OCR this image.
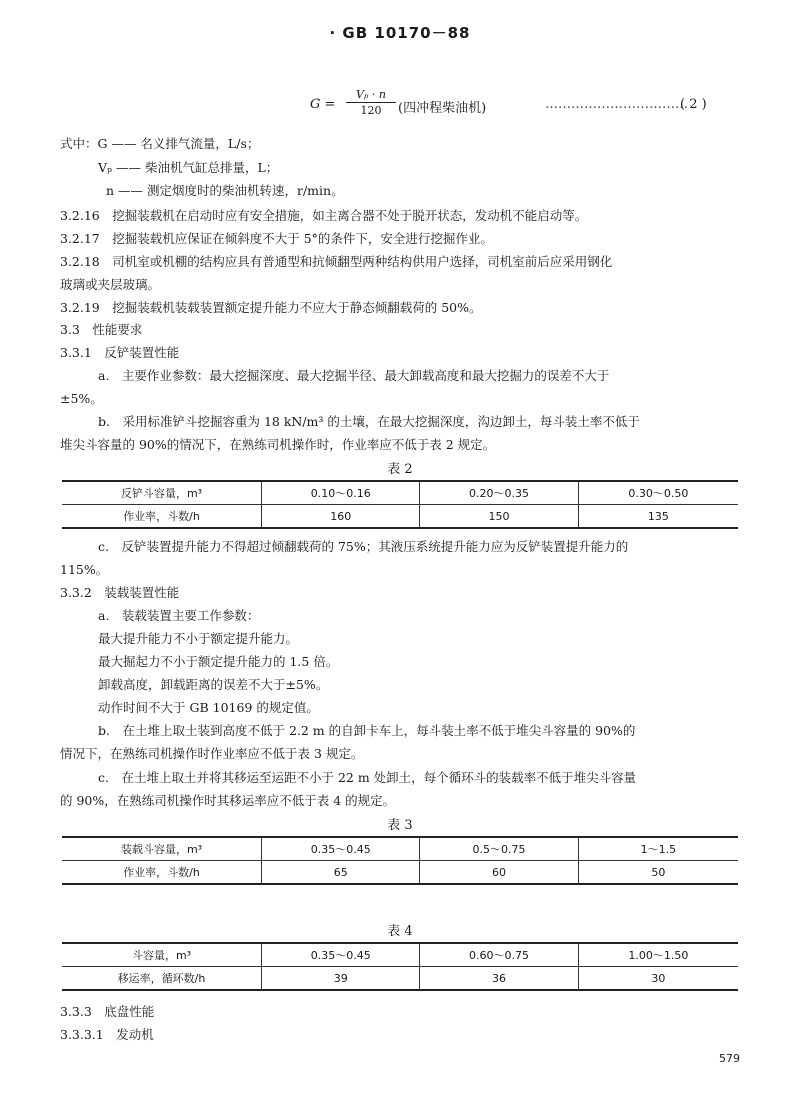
· GB 10170－88
$G = \frac{\text{Vₚ · n}}{120}$ (四冲程柴油机)	……………………………
( 2 )
式中：G —— 名义排气流量，L/s；
Vₚ —— 柴油机气缸总排量，L；
n —— 测定烟度时的柴油机转速，r/min。
3.2.16　挖掘装载机在启动时应有安全措施，如主离合器不处于脱开状态，发动机不能启动等。
3.2.17　挖掘装载机应保证在倾斜度不大于 5°的条件下，安全进行挖掘作业。
3.2.18　司机室或机棚的结构应具有普通型和抗倾翻型两种结构供用户选择，司机室前后应采用钢化
玻璃或夹层玻璃。
3.2.19　挖掘装载机装载装置额定提升能力不应大于静态倾翻载荷的 50%。
3.3　性能要求
3.3.1　反铲装置性能
a.　主要作业参数：最大挖掘深度、最大挖掘半径、最大卸载高度和最大挖掘力的误差不大于
±5%。
b.　采用标准铲斗挖掘容重为 18 kN/m³ 的土壤，在最大挖掘深度，沟边卸土，每斗装土率不低于
堆尖斗容量的 90%的情况下，在熟练司机操作时，作业率应不低于表 2 规定。
表 2
反铲斗容量，m³	0.10～0.16	0.20～0.35	0.30～0.50
作业率，斗数/h	160	150	135
c.　反铲装置提升能力不得超过倾翻载荷的 75%；其液压系统提升能力应为反铲装置提升能力的
115%。
3.3.2　装载装置性能
a.　装载装置主要工作参数：
最大提升能力不小于额定提升能力。
最大掘起力不小于额定提升能力的 1.5 倍。
卸载高度，卸载距离的误差不大于±5%。
动作时间不大于 GB 10169 的规定值。
b.　在土堆上取土装到高度不低于 2.2 m 的自卸卡车上，每斗装土率不低于堆尖斗容量的 90%的
情况下，在熟练司机操作时作业率应不低于表 3 规定。
c.　在土堆上取土并将其移运至运距不小于 22 m 处卸土，每个循环斗的装载率不低于堆尖斗容量
的 90%，在熟练司机操作时其移运率应不低于表 4 的规定。
表 3
装载斗容量，m³	0.35～0.45	0.5～0.75	1～1.5
作业率，斗数/h	65	60	50
表 4
斗容量，m³	0.35～0.45	0.60～0.75	1.00～1.50
移运率，循环数/h	39	36	30
3.3.3　底盘性能
3.3.3.1　发动机
579
